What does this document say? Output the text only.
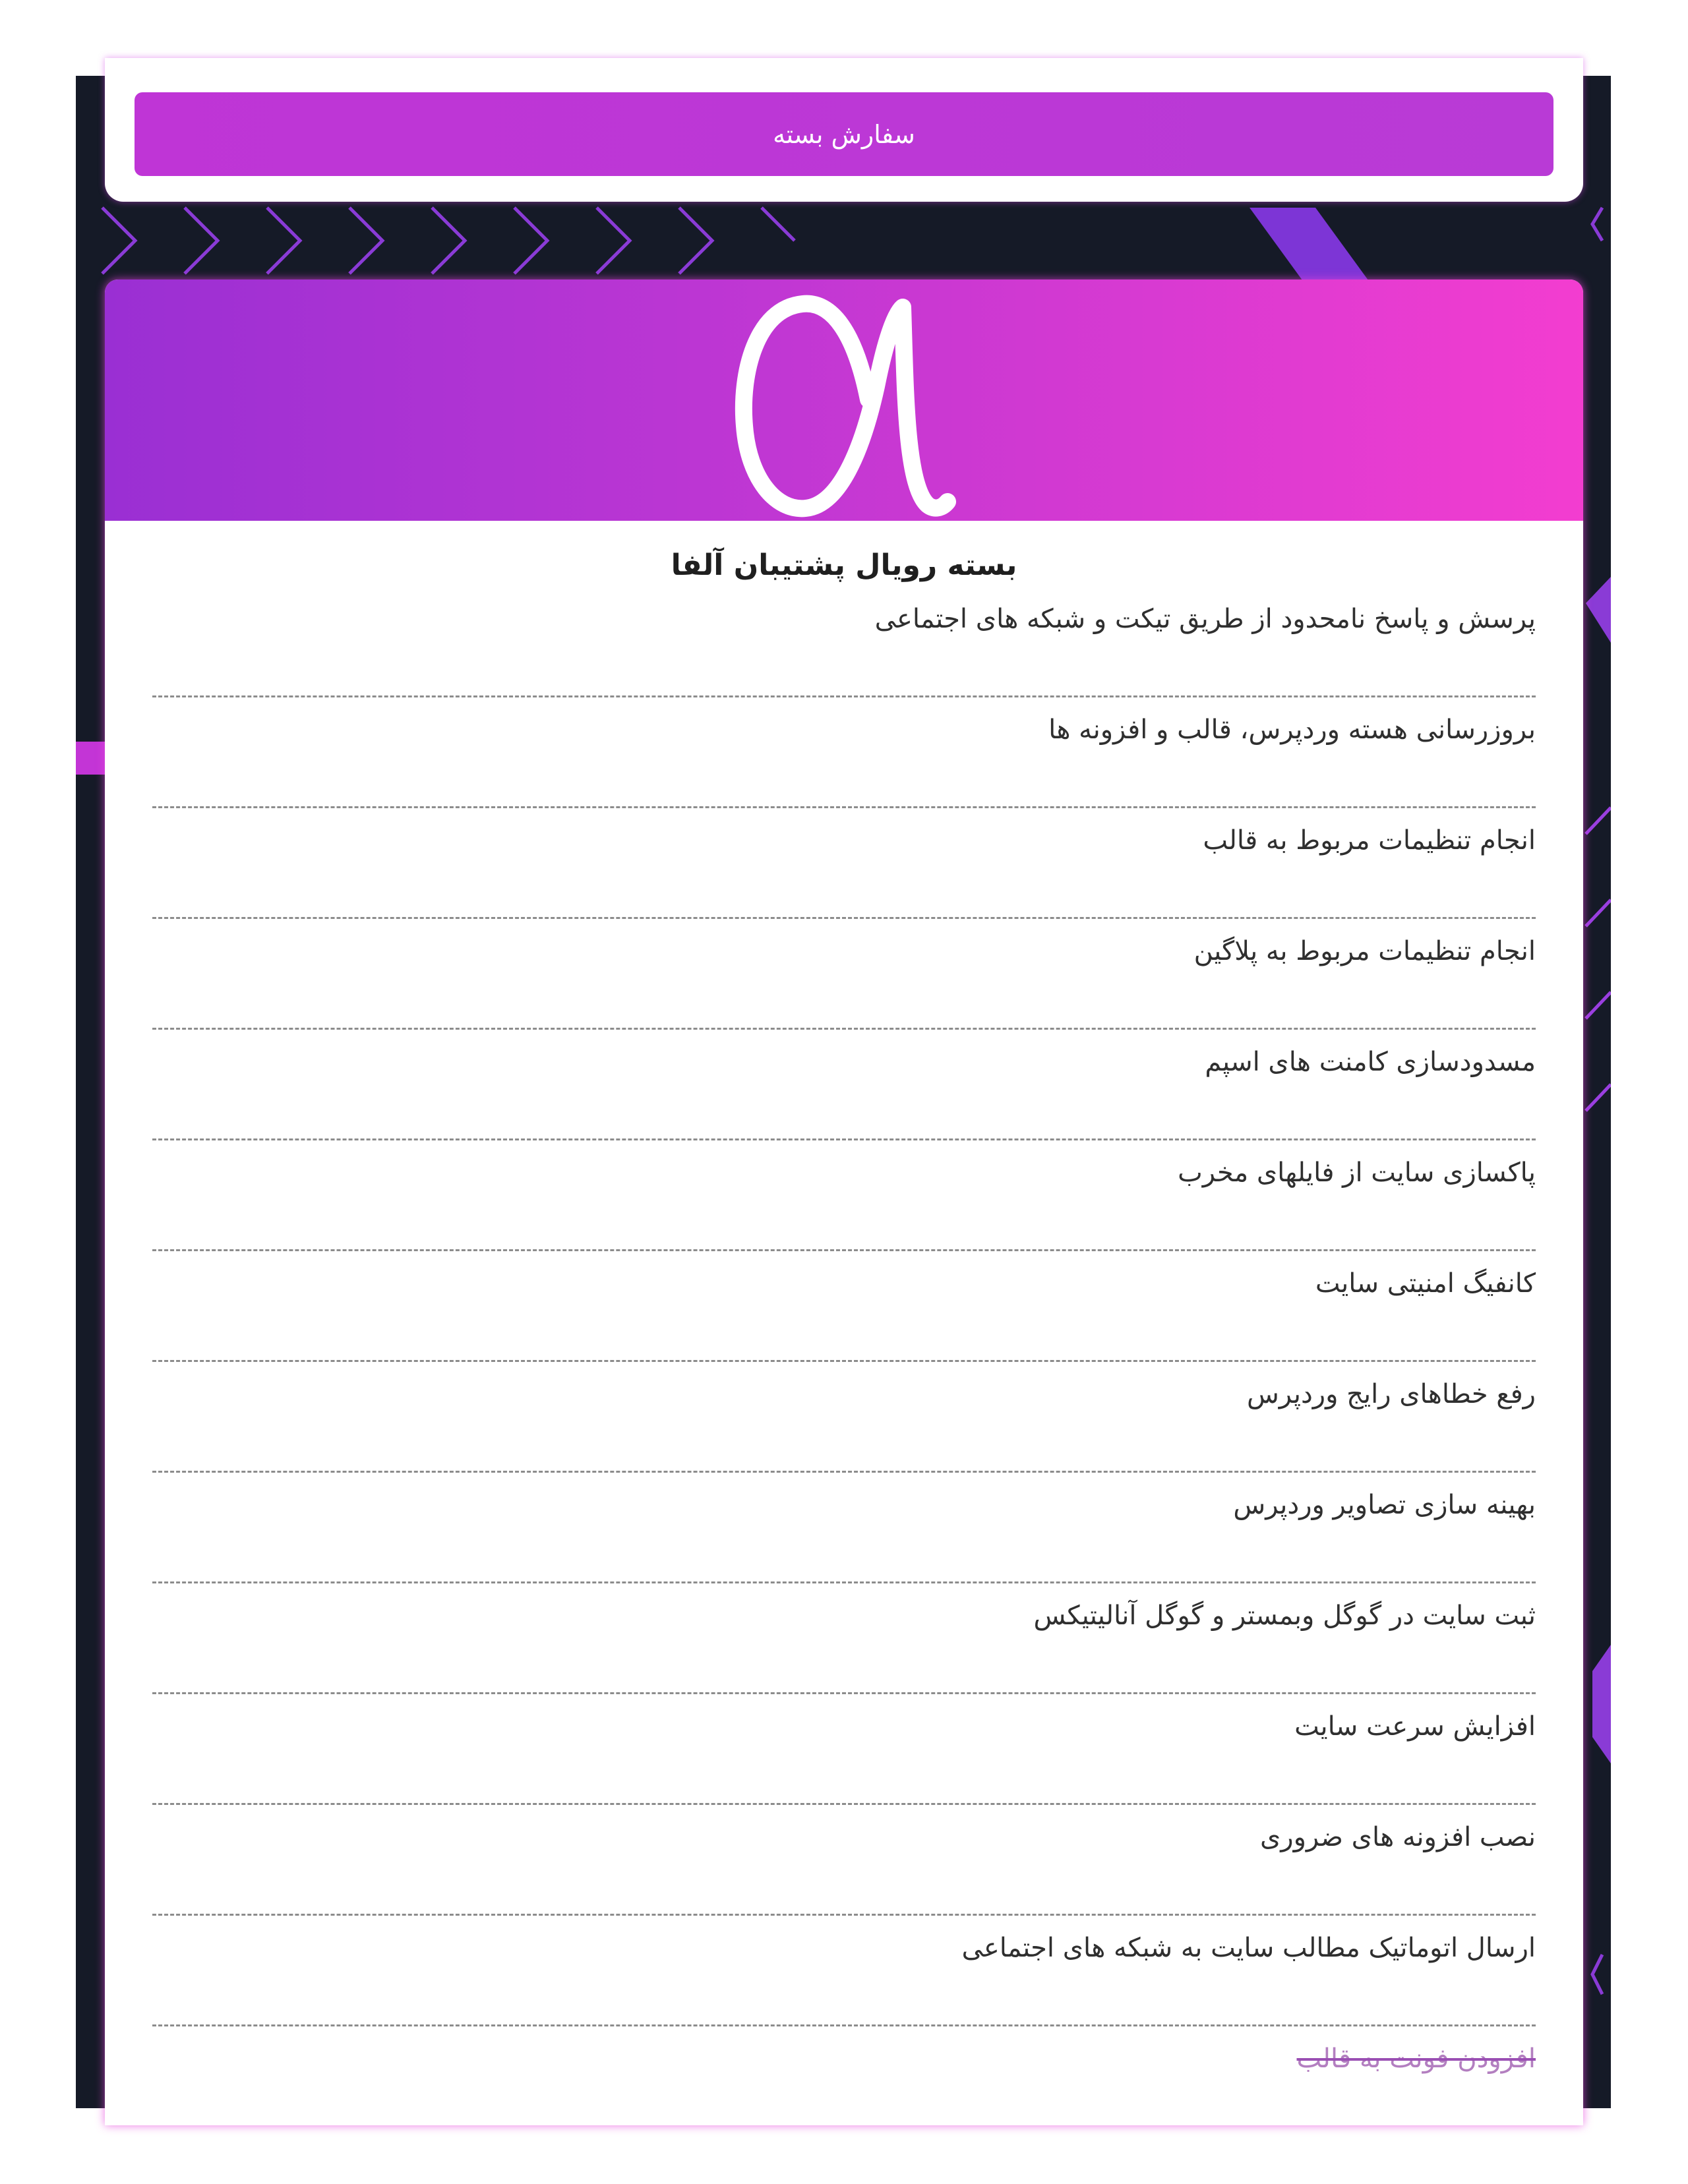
سفارش بسته
بسته رویال پشتیبان آلفا
پرسش و پاسخ نامحدود از طریق تیکت و شبکه های اجتماعی
بروزرسانی هسته وردپرس، قالب و افزونه ها
انجام تنظیمات مربوط به قالب
انجام تنظیمات مربوط به پلاگین
مسدودسازی کامنت های اسپم
پاکسازی سایت از فایلهای مخرب
کانفیگ امنیتی سایت
رفع خطاهای رایج وردپرس
بهینه سازی تصاویر وردپرس
ثبت سایت در گوگل وبمستر و گوگل آنالیتیکس
افزایش سرعت سایت
نصب افزونه های ضروری
ارسال اتوماتیک مطالب سایت به شبکه های اجتماعی
افزودن فونت به قالب
